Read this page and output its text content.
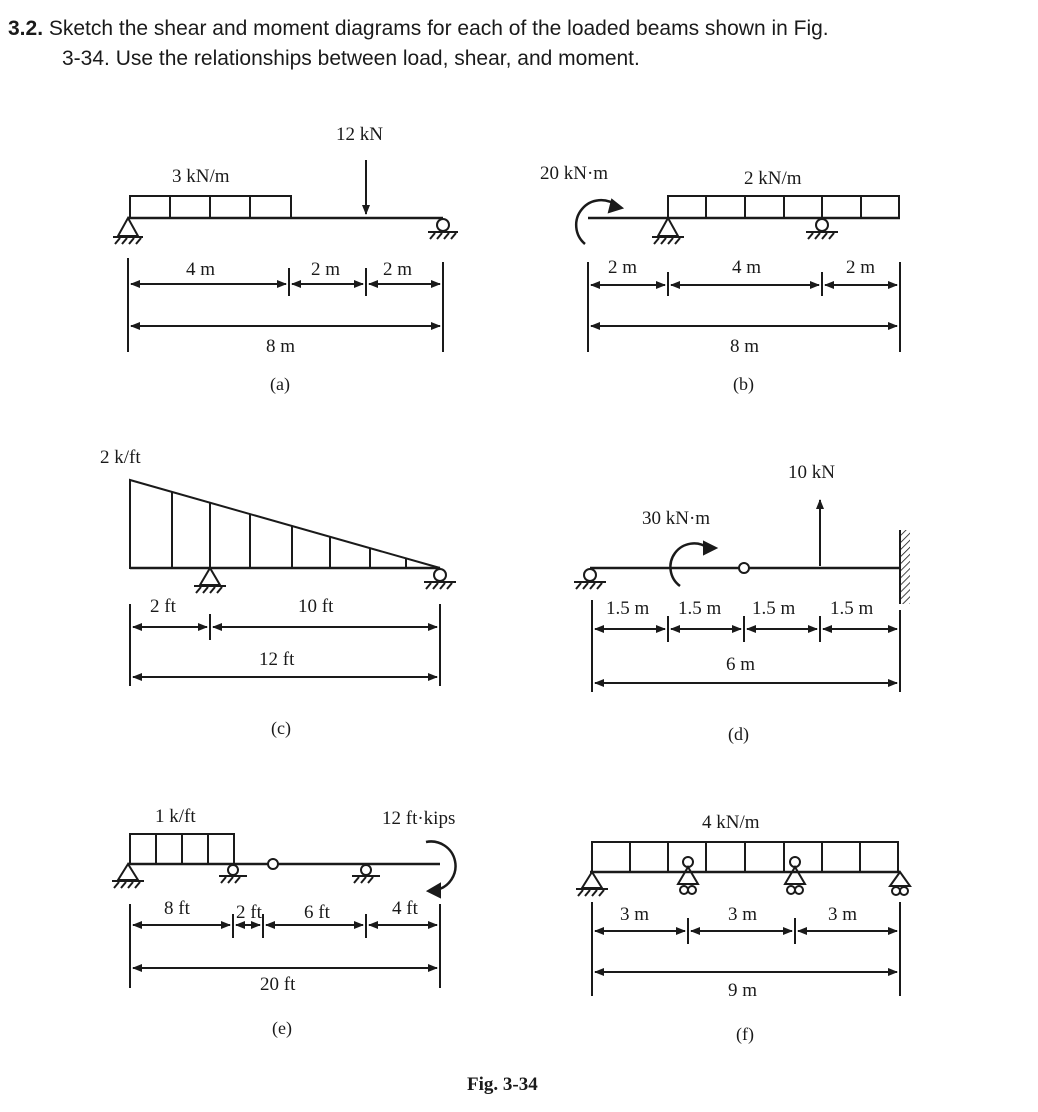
3.2. Sketch the shear and moment diagrams for each of the loaded beams shown in Fig.
3-34. Use the relationships between load, shear, and moment.
3 kN/m
12 kN
4 m	2 m 2 m
8 m
(a)
20 kN·m	2 kN/m
2 m	4 m	2 m
8 m
(b)
2 k/ft
2 ft	10 ft
12 ft
(c)
10 kN
30 kN·m
1.5 m 1.5 m 1.5 m 1.5 m
6 m
(d)
1 k/ft	12 ft·kips
8 ft 2 ft 6 ft	4 ft
20 ft
(e)
4 kN/m
3 m	3 m	3 m
9 m
(f)
Fig. 3-34
